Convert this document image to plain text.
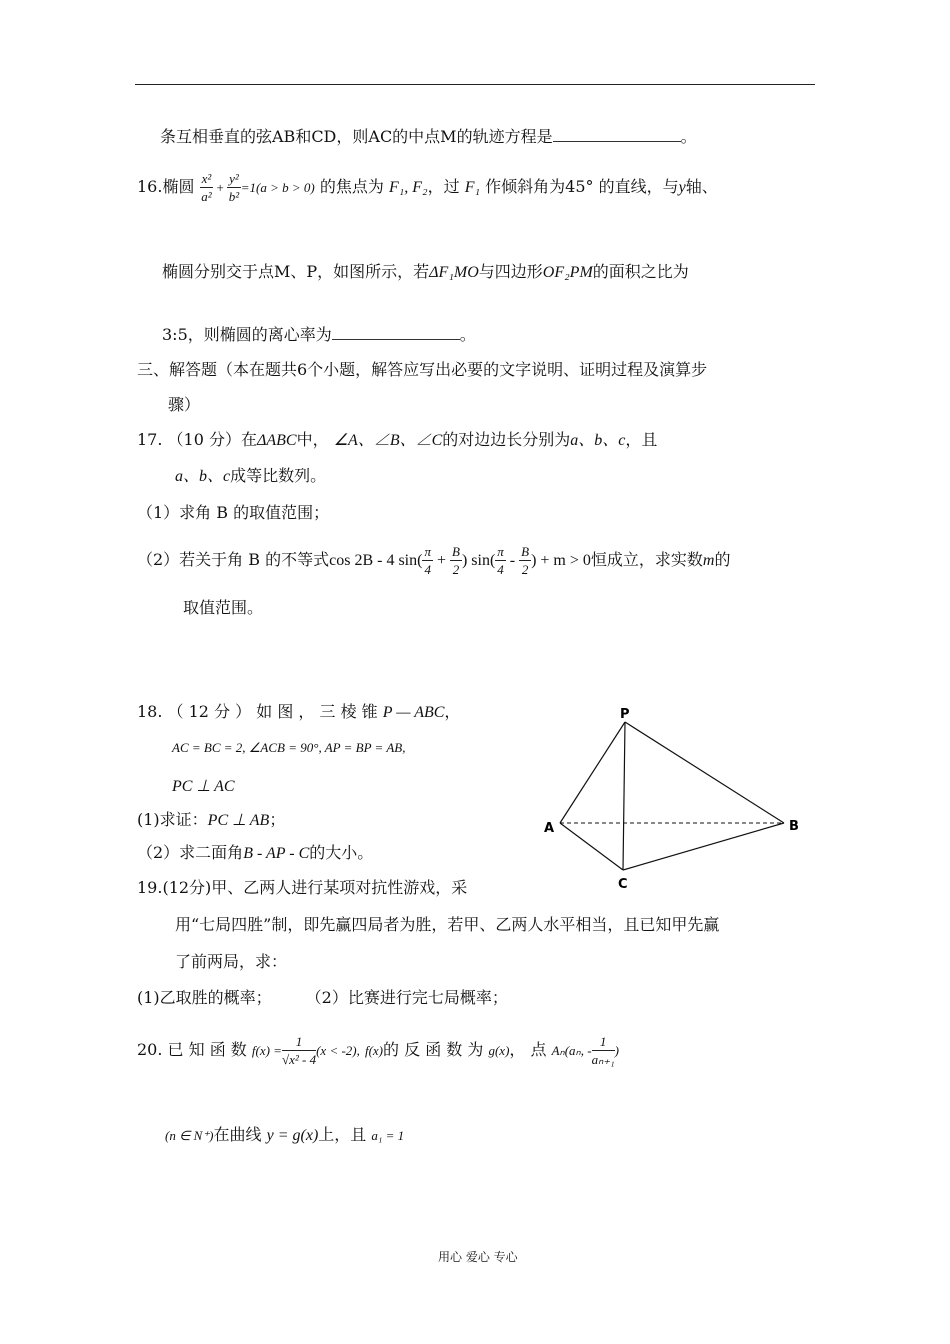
条互相垂直的弦AB和CD，则AC的中点M的轨迹方程是	。
16.椭圆 $\frac{\text{x²}}{\text{a²}} + \frac{\text{y²}}{\text{b²}} =1(a > b > 0)$ 的焦点为 F₁, F₂，过 F₁ 作倾斜角为45° 的直线，与y轴、
椭圆分别交于点M、P，如图所示，若ΔF₁MO与四边形OF₂PM的面积之比为
3:5，则椭圆的离心率为	。
三、解答题（本在题共6个小题，解答应写出必要的文字说明、证明过程及演算步
骤）
17. （10 分）在ΔABC中， ∠A、∠B、∠C的对边边长分别为a、b、c，且
a、b、c成等比数列。
（1）求角 B 的取值范围；
（2）若关于角 B 的不等式cos 2B - 4 $\sin( \frac{\pi}{4} + \frac{B}{2}$ ) $\sin( \frac{\pi}{4} - \frac{B}{2}$ ) + m > 0恒成立，求实数m的
取值范围。
18. （ 12 分 ） 如 图 ， 三 棱 锥 P — ABC，
AC = BC = 2, ∠ACB = 90°, AP = BP = AB,
PC ⊥ AC
(1)求证：PC ⊥ AB；
（2）求二面角B - AP - C的大小。
P
A	B
C
19.(12分)甲、乙两人进行某项对抗性游戏，采
用“七局四胜”制，即先赢四局者为胜，若甲、乙两人水平相当，且已知甲先赢
了前两局，求：
(1)乙取胜的概率； （2）比赛进行完七局概率；
20. 已 知 函 数 $f(x) = \frac{1}{\text{√x² - 4}} (x < -2)$, f(x)的 反 函 数 为 g(x)， 点 Aₙ(aₙ, - $\frac{1}{\text{aₙ₊₁}}$ )
(n ∈ N⁺)在曲线 y = g(x)上，且 a₁ = 1
用心 爱心 专心
